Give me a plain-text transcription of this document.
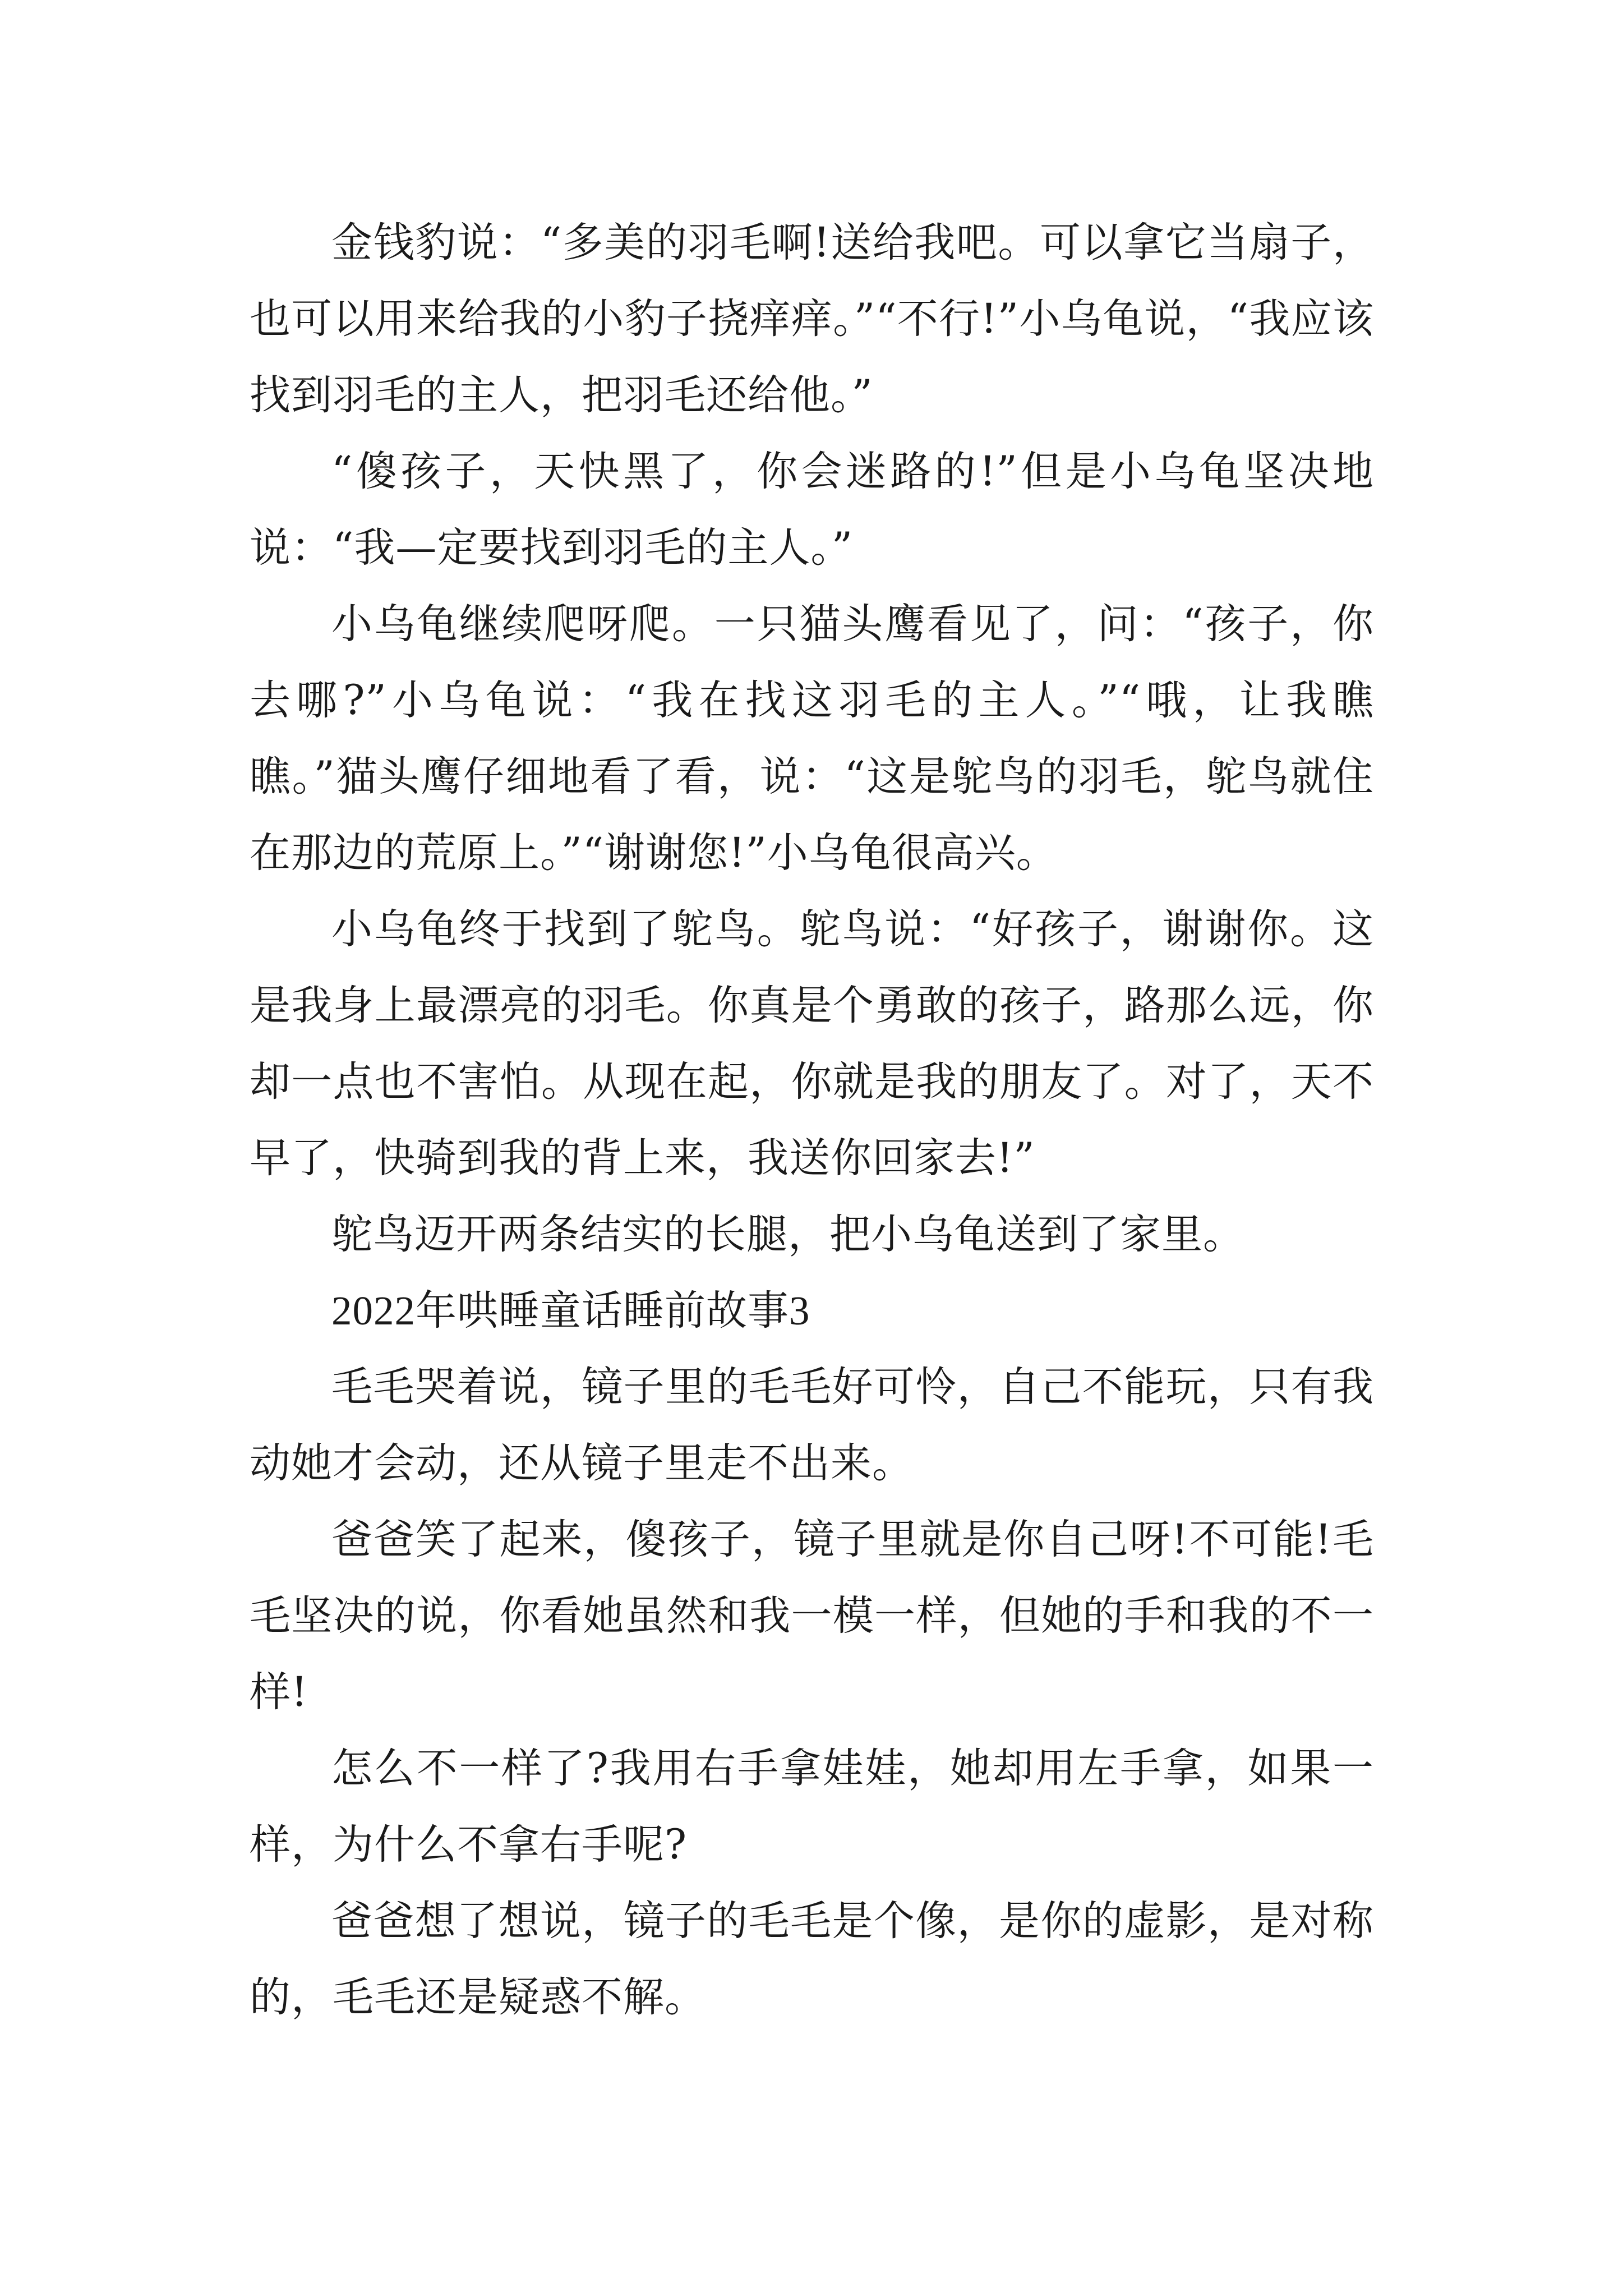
金钱豹说：“多美的羽毛啊!送给我吧。可以拿它当扇子，也可以用来给我的小豹子挠痒痒。”“不行!”小乌龟说，“我应该找到羽毛的主人，把羽毛还给他。”

“傻孩子，天快黑了，你会迷路的!”但是小乌龟坚决地说：“我—定要找到羽毛的主人。”

小乌龟继续爬呀爬。一只猫头鹰看见了，问：“孩子，你去哪?”小乌龟说：“我在找这羽毛的主人。”“哦，让我瞧瞧。”猫头鹰仔细地看了看，说：“这是鸵鸟的羽毛，鸵鸟就住在那边的荒原上。”“谢谢您!”小乌龟很高兴。

小乌龟终于找到了鸵鸟。鸵鸟说：“好孩子，谢谢你。这是我身上最漂亮的羽毛。你真是个勇敢的孩子，路那么远，你却一点也不害怕。从现在起，你就是我的朋友了。对了，天不早了，快骑到我的背上来，我送你回家去!”

鸵鸟迈开两条结实的长腿，把小乌龟送到了家里。

2022年哄睡童话睡前故事3

毛毛哭着说，镜子里的毛毛好可怜，自己不能玩，只有我动她才会动，还从镜子里走不出来。

爸爸笑了起来，傻孩子，镜子里就是你自己呀!不可能!毛毛坚决的说，你看她虽然和我一模一样，但她的手和我的不一样!

怎么不一样了?我用右手拿娃娃，她却用左手拿，如果一样，为什么不拿右手呢?

爸爸想了想说，镜子的毛毛是个像，是你的虚影，是对称的，毛毛还是疑惑不解。
